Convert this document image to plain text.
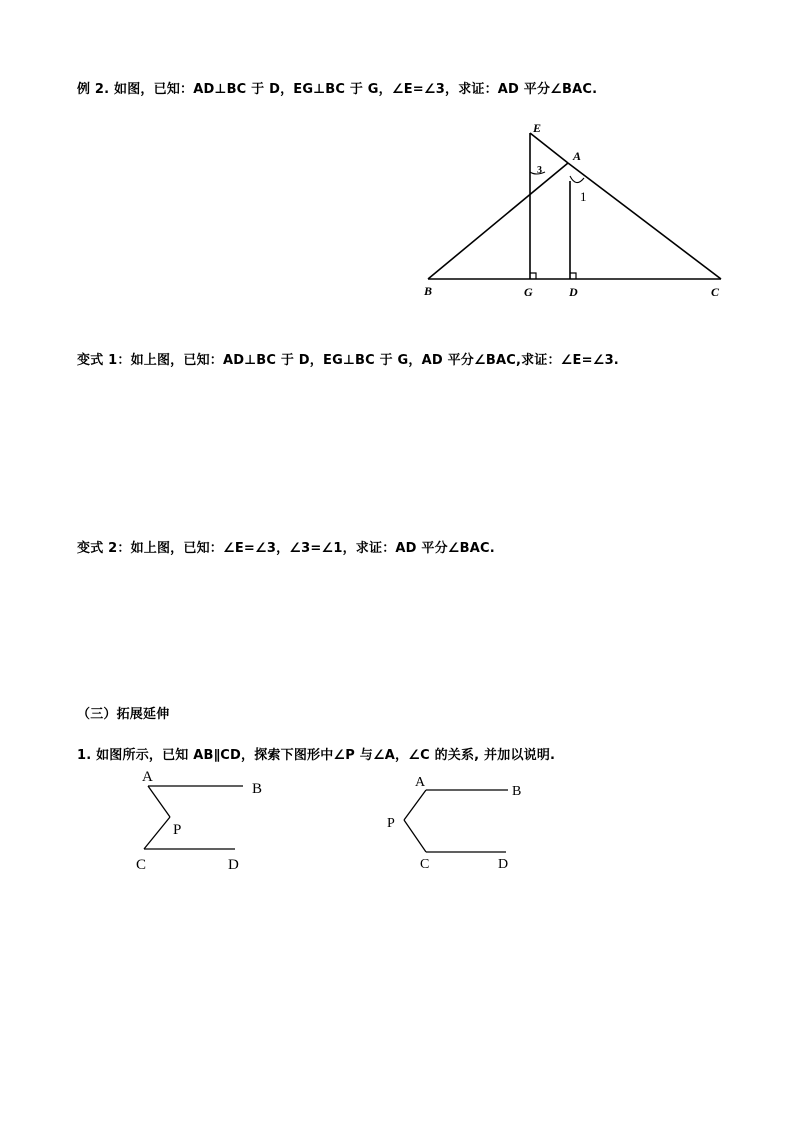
例 2. 如图，已知：AD⊥BC 于 D，EG⊥BC 于 G，∠E=∠3，求证：AD 平分∠BAC.
E
A
B	G	D	C
3
1
变式 1：如上图，已知：AD⊥BC 于 D，EG⊥BC 于 G，AD 平分∠BAC,求证：∠E=∠3.
变式 2：如上图，已知：∠E=∠3，∠3=∠1，求证：AD 平分∠BAC.
（三）拓展延伸
1. 如图所示，已知 AB∥CD，探索下图形中∠P 与∠A，∠C 的关系, 并加以说明.
A
B
P
C	D
A
B
P
C	D
